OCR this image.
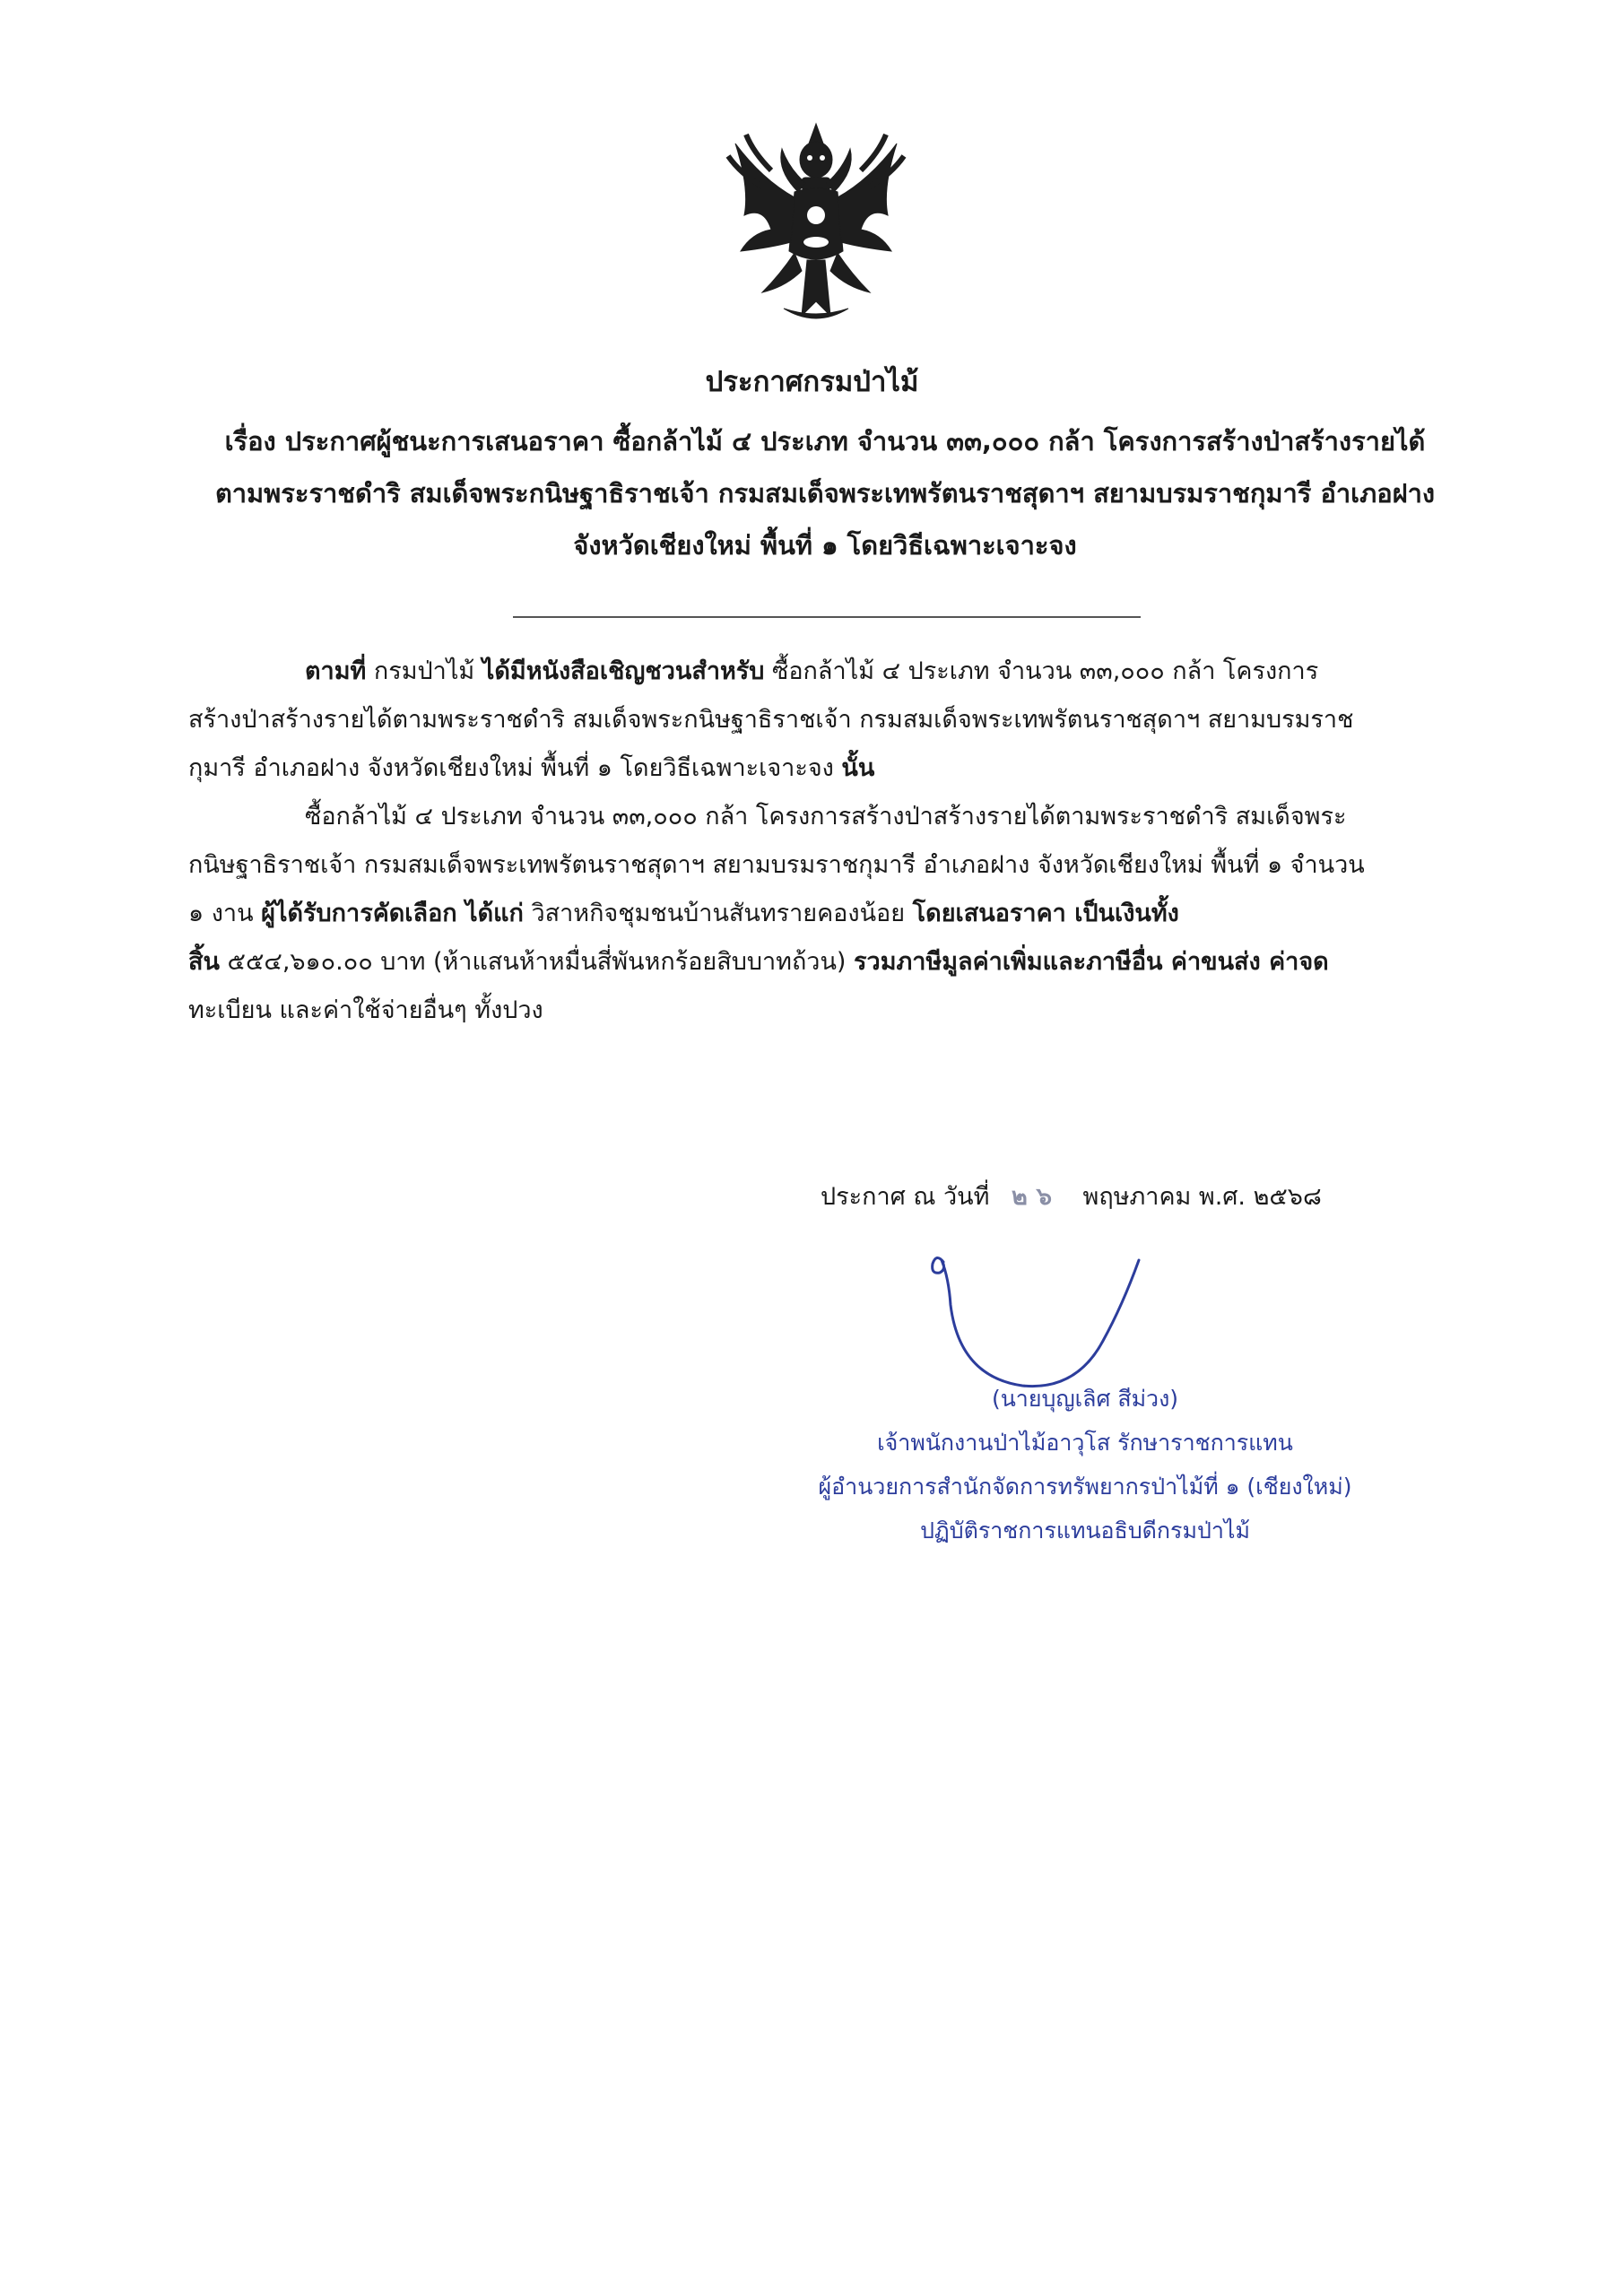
ประกาศกรมป่าไม้
เรื่อง ประกาศผู้ชนะการเสนอราคา ซื้อกล้าไม้ ๔ ประเภท จำนวน ๓๓,๐๐๐ กล้า โครงการสร้างป่าสร้างรายได้
ตามพระราชดำริ สมเด็จพระกนิษฐาธิราชเจ้า กรมสมเด็จพระเทพรัตนราชสุดาฯ สยามบรมราชกุมารี อำเภอฝาง
จังหวัดเชียงใหม่ พื้นที่ ๑ โดยวิธีเฉพาะเจาะจง
ตามที่ กรมป่าไม้ ได้มีหนังสือเชิญชวนสำหรับ ซื้อกล้าไม้ ๔ ประเภท จำนวน ๓๓,๐๐๐ กล้า โครงการ
สร้างป่าสร้างรายได้ตามพระราชดำริ สมเด็จพระกนิษฐาธิราชเจ้า กรมสมเด็จพระเทพรัตนราชสุดาฯ สยามบรมราช
กุมารี อำเภอฝาง จังหวัดเชียงใหม่ พื้นที่ ๑ โดยวิธีเฉพาะเจาะจง นั้น
ซื้อกล้าไม้ ๔ ประเภท จำนวน ๓๓,๐๐๐ กล้า โครงการสร้างป่าสร้างรายได้ตามพระราชดำริ สมเด็จพระ
กนิษฐาธิราชเจ้า กรมสมเด็จพระเทพรัตนราชสุดาฯ สยามบรมราชกุมารี อำเภอฝาง จังหวัดเชียงใหม่ พื้นที่ ๑ จำนวน
๑ งาน ผู้ได้รับการคัดเลือก ได้แก่ วิสาหกิจชุมชนบ้านสันทรายคองน้อย โดยเสนอราคา เป็นเงินทั้ง
สิ้น ๕๕๔,๖๑๐.๐๐ บาท (ห้าแสนห้าหมื่นสี่พันหกร้อยสิบบาทถ้วน) รวมภาษีมูลค่าเพิ่มและภาษีอื่น ค่าขนส่ง ค่าจด
ทะเบียน และค่าใช้จ่ายอื่นๆ ทั้งปวง
ประกาศ ณ วันที่ ๒๖ พฤษภาคม พ.ศ. ๒๕๖๘
(นายบุญเลิศ สีม่วง)
เจ้าพนักงานป่าไม้อาวุโส รักษาราชการแทน
ผู้อำนวยการสำนักจัดการทรัพยากรป่าไม้ที่ ๑ (เชียงใหม่)
ปฏิบัติราชการแทนอธิบดีกรมป่าไม้
